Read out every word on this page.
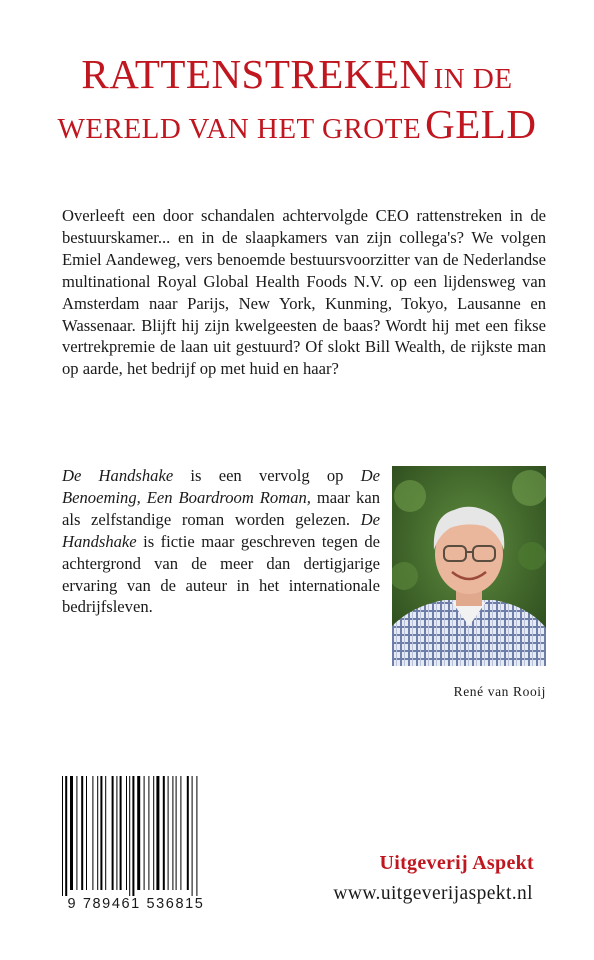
RATTENSTREKEN IN DE
WERELD VAN HET GROTE GELD

Overleeft een door schandalen achtervolgde CEO rattenstreken in de bestuurskamer... en in de slaapkamers van zijn collega's? We volgen Emiel Aandeweg, vers benoemde bestuursvoorzitter van de Nederlandse multinational Royal Global Health Foods N.V. op een lijdensweg van Amsterdam naar Parijs, New York, Kunming, Tokyo, Lausanne en Wassenaar. Blijft hij zijn kwelgeesten de baas? Wordt hij met een fikse vertrekpremie de laan uit gestuurd? Of slokt Bill Wealth, de rijkste man op aarde, het bedrijf op met huid en haar?

De Handshake is een vervolg op De Benoeming, Een Boardroom Roman, maar kan als zelfstandige roman worden gelezen. De Handshake is fictie maar geschreven tegen de achtergrond van de meer dan dertigjarige ervaring van de auteur in het internationale bedrijfsleven.

René van Rooij

9 789461 536815

Uitgeverij Aspekt

www.uitgeverijaspekt.nl
